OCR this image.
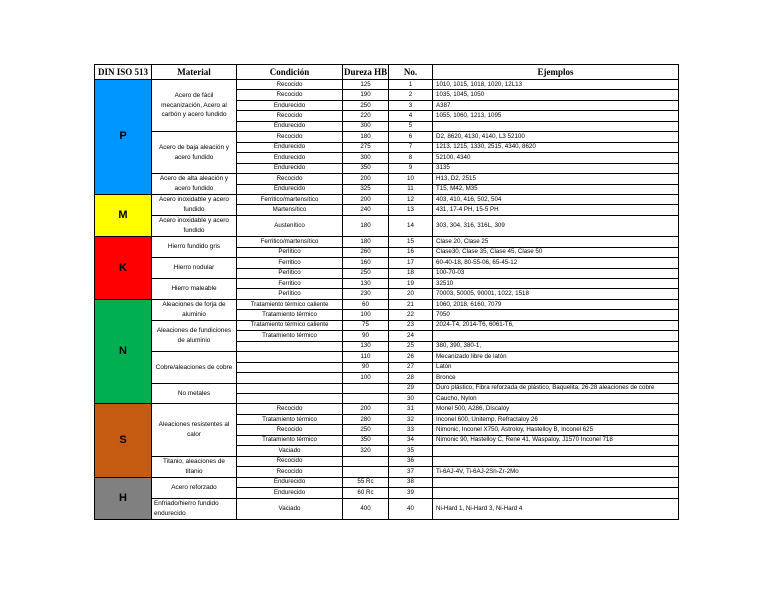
DIN ISO 513	Material	Condición	Dureza HB	No.	Ejemplos
P	Acero de fácil mecanización, Acero al carbón y acero fundido	Recocido	125	1	1010, 1015, 1018, 1020, 12L13
		Recocido	190	2	1035, 1045, 1050
		Endurecido	250	3	A387
		Recocido	220	4	1055, 1060, 1213, 1095
		Endurecido	300	5	
	Acero de baja aleación y acero fundido	Recocido	180	6	D2, 8620, 4130, 4140, L3 52100
		Endurecido	275	7	1213, 1215, 1330, 2515, 4340, 8620
		Endurecido	300	8	52100, 4340
		Endurecido	350	9	3135
	Acero de alta aleación y acero fundido	Recocido	200	10	H13, D2, 2515
		Endurecido	325	11	T15, M42, M35
M	Acero inoxidable y acero fundido	Ferritico/martensítico	200	12	403, 410, 416, 502, 504
		Martensítico	240	13	431, 17-4 PH, 15-5 PH
	Acero inoxidable y acero fundido	Austenítico	180	14	303, 304, 316, 316L, 309
K	Hierro fundido gris	Ferritico/martensítico	180	15	Clase 20, Clase 25
		Perlítico	260	16	Clase30, Clase 35, Clase 45, Clase 50
	Hierro nodular	Ferritico	160	17	60-40-18, 80-55-06, 65-45-12
		Perlítico	250	18	100-70-03
	Hierro maleable	Ferritico	130	19	32510
		Perlítico	230	20	70003, 50005, 90001, 1022, 1518
N	Aleaciones de forja de aluminio	Tratamiento térmico caliente	60	21	1060, 2018, 6160, 7079
		Tratamiento térmico	100	22	7050
	Aleaciones de fundiciones de aluminio	Tratamiento térmico caliente	75	23	2024-T4, 2014-T6, 6061-T6,
		Tratamiento térmico	90	24	
			130	25	380, 390, 380-1,
	Cobre/aleaciones de cobre		110	26	Mecanizado libre de latón
			90	27	Latón
			100	28	Bronce
	No metales			29	Duro plástico, Fibra reforzada de plástico, Baquelita, 26-28 aleaciones de cobre
				30	Caucho, Nylon
S	Aleaciones resistentes al calor	Recocido	200	31	Monel 500, A286, Discaloy
		Tratamiento térmico	280	32	Inconel 600, Unitemp, Refractaloy 26
		Recocido	250	33	Nimonic, Inconel X750, Astroloy, Hastelloy B, Inconel 625
		Tratamiento térmico	350	34	Nimonic 90, Hastelloy C, Rene 41, Waspaloy, J1570 Inconel 718
		Vaciado	320	35	
	Titanio, aleaciones de titanio	Recocido		36	
		Recocido		37	Ti-6AJ-4V, Ti-6AJ-2Sn-Zr-2Mo
H	Acero reforzado	Endurecido	55 Rc	38	
		Endurecido	60 Rc	39	
	Enfriado/hierro fundido endurecido	Vaciado	400	40	Ni-Hard 1, Ni-Hard 3, Ni-Hard 4
